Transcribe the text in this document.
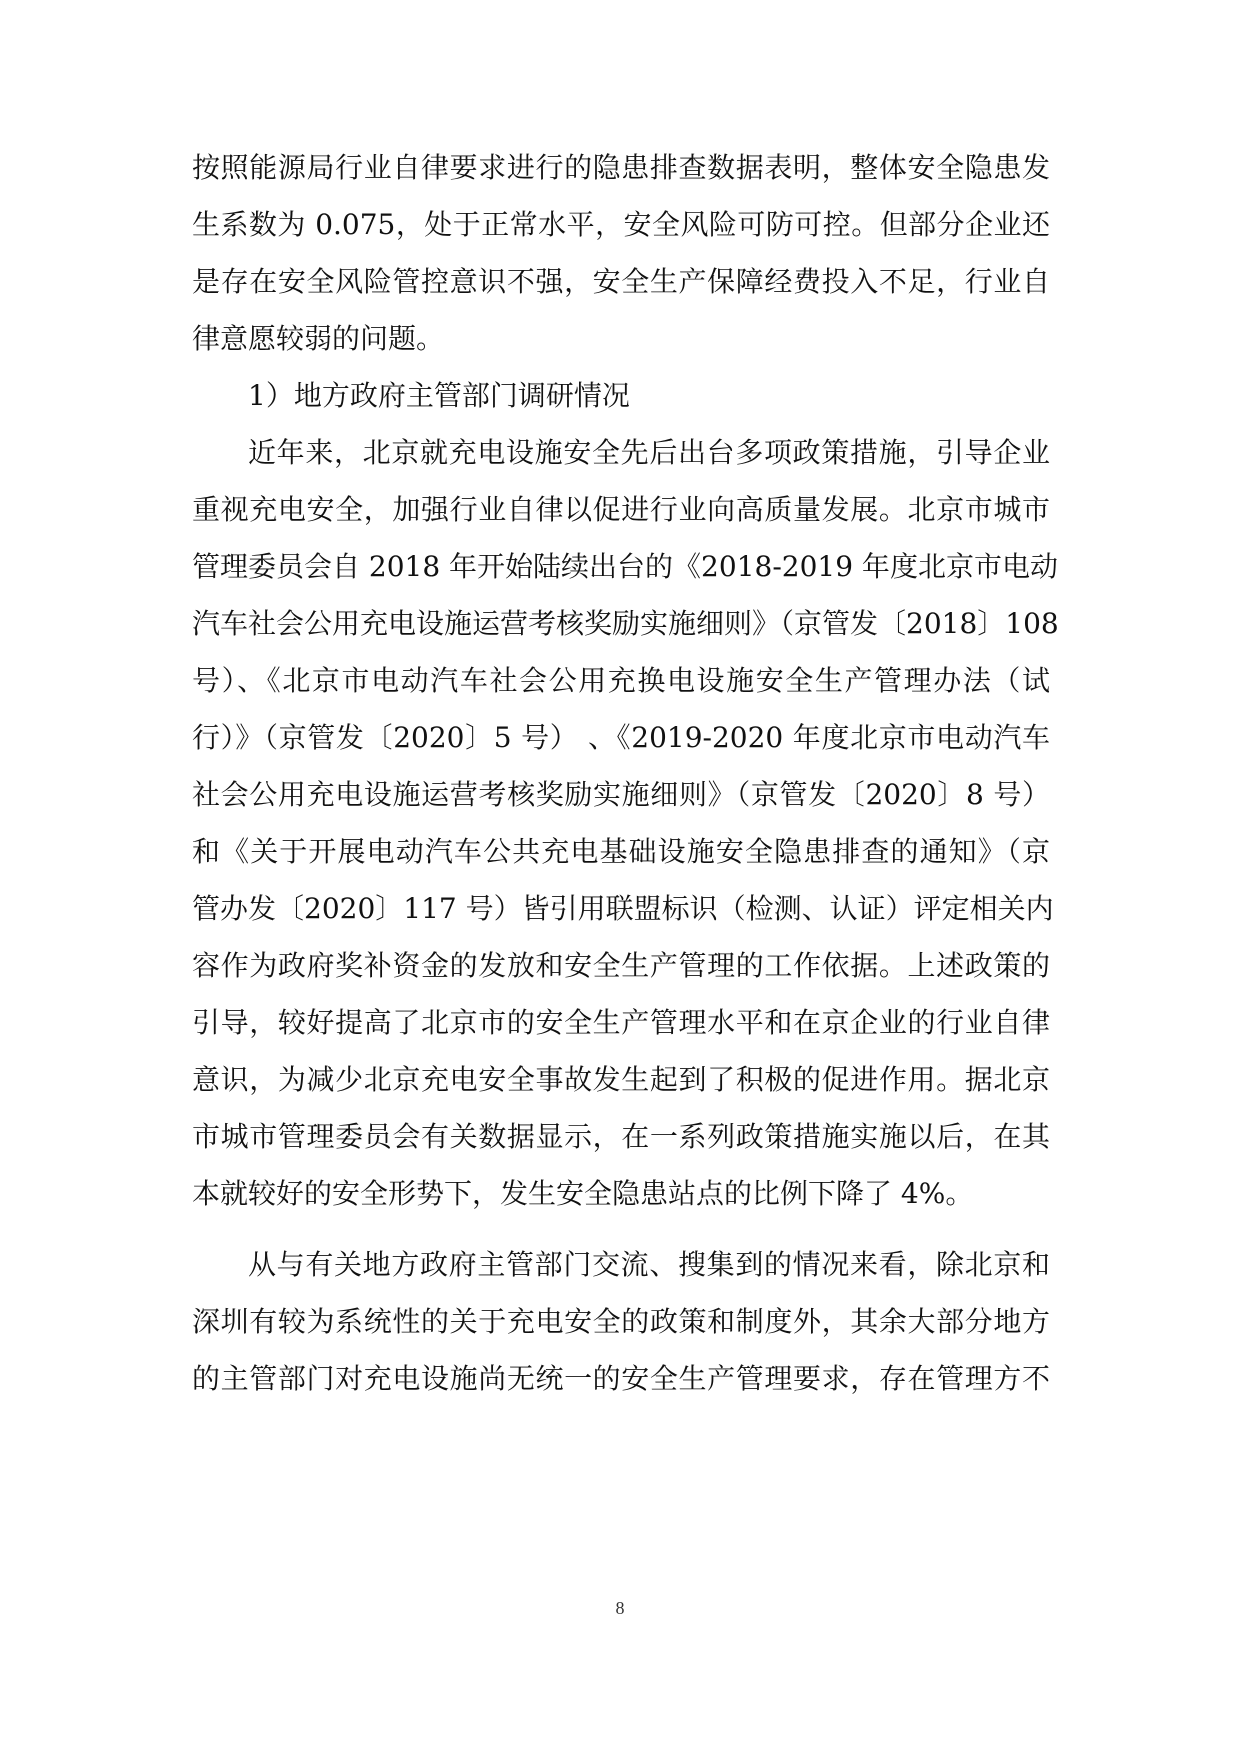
按照能源局行业自律要求进行的隐患排查数据表明，整体安全隐患发
生系数为 0.075，处于正常水平，安全风险可防可控。但部分企业还
是存在安全风险管控意识不强，安全生产保障经费投入不足，行业自
律意愿较弱的问题。
1）地方政府主管部门调研情况
近年来，北京就充电设施安全先后出台多项政策措施，引导企业
重视充电安全，加强行业自律以促进行业向高质量发展。北京市城市
管理委员会自 2018 年开始陆续出台的《2018-2019 年度北京市电动
汽车社会公用充电设施运营考核奖励实施细则》（京管发〔2018〕108
号）、《北京市电动汽车社会公用充换电设施安全生产管理办法（试
行）》（京管发〔2020〕5 号） 、《2019-2020 年度北京市电动汽车
社会公用充电设施运营考核奖励实施细则》（京管发〔2020〕8 号）
和《关于开展电动汽车公共充电基础设施安全隐患排查的通知》（京
管办发〔2020〕117 号）皆引用联盟标识（检测、认证）评定相关内
容作为政府奖补资金的发放和安全生产管理的工作依据。上述政策的
引导，较好提高了北京市的安全生产管理水平和在京企业的行业自律
意识，为减少北京充电安全事故发生起到了积极的促进作用。据北京
市城市管理委员会有关数据显示，在一系列政策措施实施以后，在其
本就较好的安全形势下，发生安全隐患站点的比例下降了 4%。
从与有关地方政府主管部门交流、搜集到的情况来看，除北京和
深圳有较为系统性的关于充电安全的政策和制度外，其余大部分地方
的主管部门对充电设施尚无统一的安全生产管理要求，存在管理方不
8
